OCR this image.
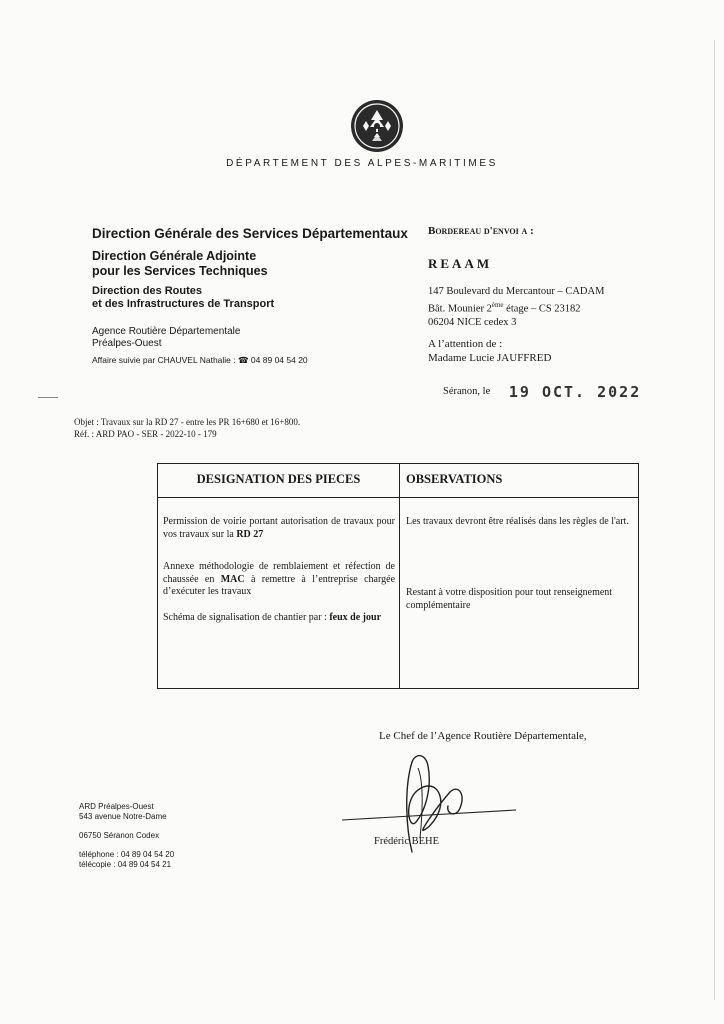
DÉPARTEMENT DES ALPES-MARITIMES
Direction Générale des Services Départementaux
Direction Générale Adjointe
pour les Services Techniques
Direction des Routes
et des Infrastructures de Transport
Agence Routière Départementale
Préalpes-Ouest
Affaire suivie par CHAUVEL Nathalie : ☎ 04 89 04 54 20
Bordereau d'envoi a :
REAAM
147 Boulevard du Mercantour – CADAM
Bât. Mounier 2ème étage – CS 23182
06204 NICE cedex 3
A l’attention de :
Madame Lucie JAUFFRED
Séranon, le 19 OCT. 2022
Objet : Travaux sur la RD 27 - entre les PR 16+680 et 16+800.
Réf. : ARD PAO - SER - 2022-10 - 179
DESIGNATION DES PIECES	OBSERVATIONS
Permission de voirie portant autorisation de travaux pour vos travaux sur la RD 27
Annexe méthodologie de remblaiement et réfection de chaussée en MAC à remettre à l’entreprise chargée d’exécuter les travaux
Schéma de signalisation de chantier par : feux de jour
Les travaux devront être réalisés dans les règles de l'art.
Restant à votre disposition pour tout renseignement complémentaire
Le Chef de l’Agence Routière Départementale,
Frédéric BEHE
ARD Préalpes-Ouest
543 avenue Notre-Dame
06750 Séranon Codex
téléphone : 04 89 04 54 20
télécopie : 04 89 04 54 21
